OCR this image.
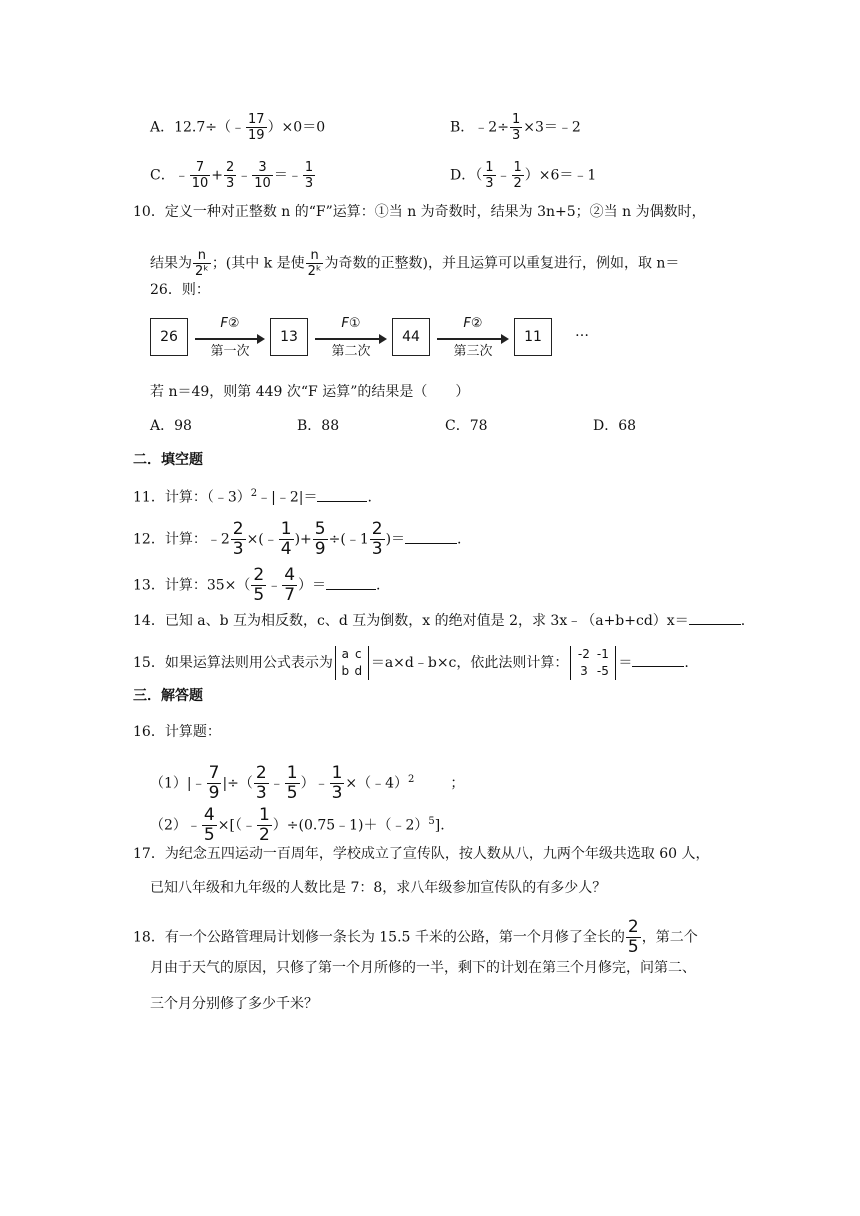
A．12.7÷（﹣ $\frac{17}{19} )\times 0=0$	B．﹣2÷ $\frac{1}{3}$ ×3＝﹣2
C．﹣ $\frac{7}{10} + \frac{2}{3}$ ﹣ $\frac{3}{10}$ ＝﹣ $\frac{1}{3}$	D．（ $\frac{1}{3}$ ﹣ $\frac{1}{2}$ ）×6＝﹣1
10．定义一种对正整数 n 的“F”运算：①当 n 为奇数时，结果为 3n+5；②当 n 为偶数时，
结果为 $\frac{n}{\text{2ᵏ}}$ ；(其中 k 是使 $\frac{n}{\text{2ᵏ}}$ 为奇数的正整数)，并且运算可以重复进行，例如，取 n＝
26．则：
26
F②
第一次
13
F①
第二次
44
F②
第三次
11	…
若 n＝49，则第 449 次“F 运算”的结果是（　　）
A．98	B．88	C．78	D．68
二．填空题
11．计算：（﹣3）$^2$﹣|﹣2|＝	.
12．计算：﹣2 $\frac{2}{3}$ ×(﹣ $\frac{1}{4}$ )+ $\frac{5}{9}$ ÷(﹣1 $\frac{2}{3}$ )＝	.
13．计算：$35\times( \frac{2}{5}$ ﹣ $\frac{4}{7}$ ）＝	.
14．已知 a、b 互为相反数，c、d 互为倒数，x 的绝对值是 2，求 3x﹣（a+b+cd）x＝	.
15．如果运算法则用公式表示为a c
b d ＝a×d﹣b×c，依此法则计算：-2 -1
3 -5 ＝	.
三．解答题
16．计算题：
（1）|﹣ $\frac{7}{9}$ |÷（ $\frac{2}{3}$ ﹣ $\frac{1}{5}$ ）﹣ $\frac{1}{3}$ ×（﹣4）$^2$	；
（2）﹣ $\frac{4}{5}$ ×[（﹣ $\frac{1}{2}$ ）÷(0.75﹣1)＋（﹣2）$^5$].
17．为纪念五四运动一百周年，学校成立了宣传队，按人数从八，九两个年级共选取 60 人，
已知八年级和九年级的人数比是 7：8，求八年级参加宣传队的有多少人？
18．有一个公路管理局计划修一条长为 15.5 千米的公路，第一个月修了全长的 $\frac{2}{5}$ ，第二个
月由于天气的原因，只修了第一个月所修的一半，剩下的计划在第三个月修完，问第二、
三个月分别修了多少千米？
